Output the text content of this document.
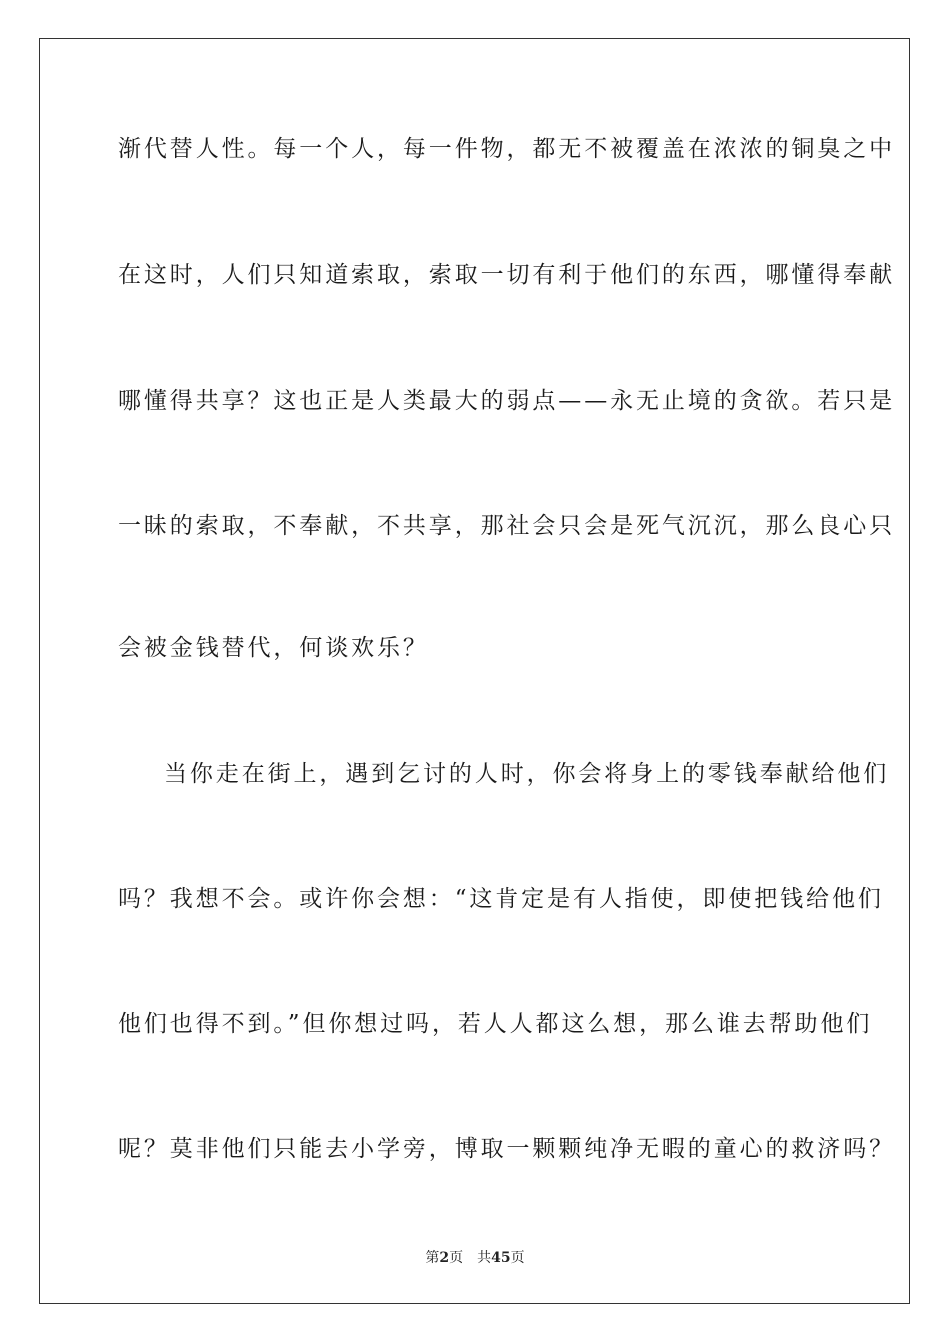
渐代替人性。每一个人，每一件物，都无不被覆盖在浓浓的铜臭之中
在这时，人们只知道索取，索取一切有利于他们的东西，哪懂得奉献
哪懂得共享？这也正是人类最大的弱点——永无止境的贪欲。若只是
一昧的索取，不奉献，不共享，那社会只会是死气沉沉，那么良心只
会被金钱替代，何谈欢乐？
当你走在街上，遇到乞讨的人时，你会将身上的零钱奉献给他们
吗？我想不会。或许你会想：“这肯定是有人指使，即使把钱给他们
他们也得不到。”但你想过吗，若人人都这么想，那么谁去帮助他们
呢？莫非他们只能去小学旁，博取一颗颗纯净无暇的童心的救济吗？
第2页 共45页
